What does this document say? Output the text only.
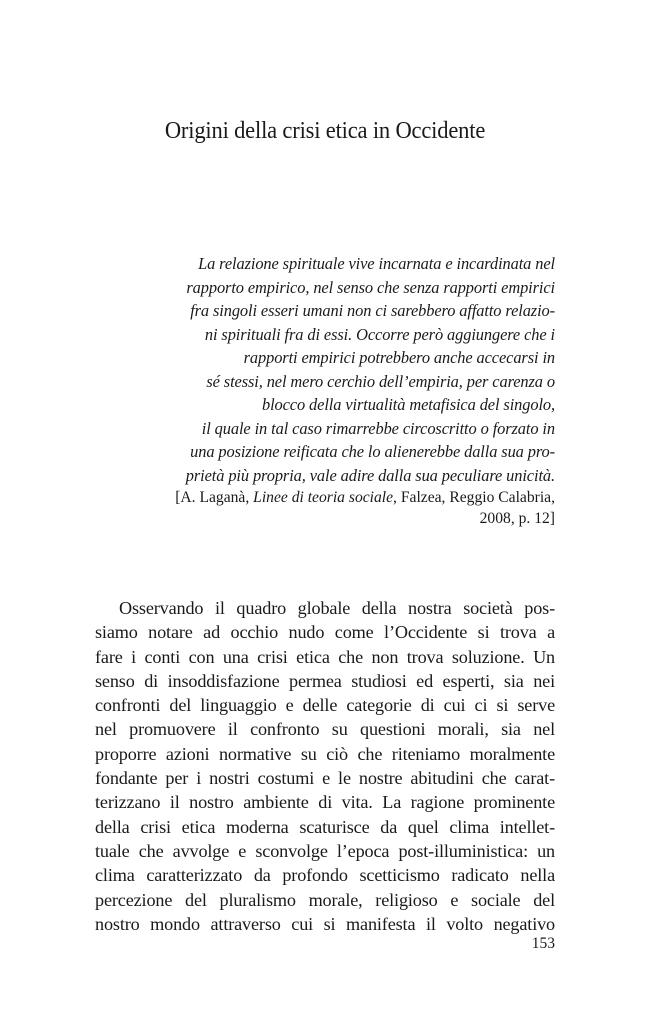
Origini della crisi etica in Occidente
La relazione spirituale vive incarnata e incardinata nel
rapporto empirico, nel senso che senza rapporti empirici
fra singoli esseri umani non ci sarebbero affatto relazio-
ni spirituali fra di essi. Occorre però aggiungere che i
rapporti empirici potrebbero anche accecarsi in
sé stessi, nel mero cerchio dell’empiria, per carenza o
blocco della virtualità metafisica del singolo,
il quale in tal caso rimarrebbe circoscritto o forzato in
una posizione reificata che lo alienerebbe dalla sua pro-
prietà più propria, vale adire dalla sua peculiare unicità.
[A. Laganà, Linee di teoria sociale, Falzea, Reggio Calabria,
2008, p. 12]
Osservando il quadro globale della nostra società pos-
siamo notare ad occhio nudo come l’Occidente si trova a
fare i conti con una crisi etica che non trova soluzione. Un
senso di insoddisfazione permea studiosi ed esperti, sia nei
confronti del linguaggio e delle categorie di cui ci si serve
nel promuovere il confronto su questioni morali, sia nel
proporre azioni normative su ciò che riteniamo moralmente
fondante per i nostri costumi e le nostre abitudini che carat-
terizzano il nostro ambiente di vita. La ragione prominente
della crisi etica moderna scaturisce da quel clima intellet-
tuale che avvolge e sconvolge l’epoca post-illuministica: un
clima caratterizzato da profondo scetticismo radicato nella
percezione del pluralismo morale, religioso e sociale del
nostro mondo attraverso cui si manifesta il volto negativo
153
